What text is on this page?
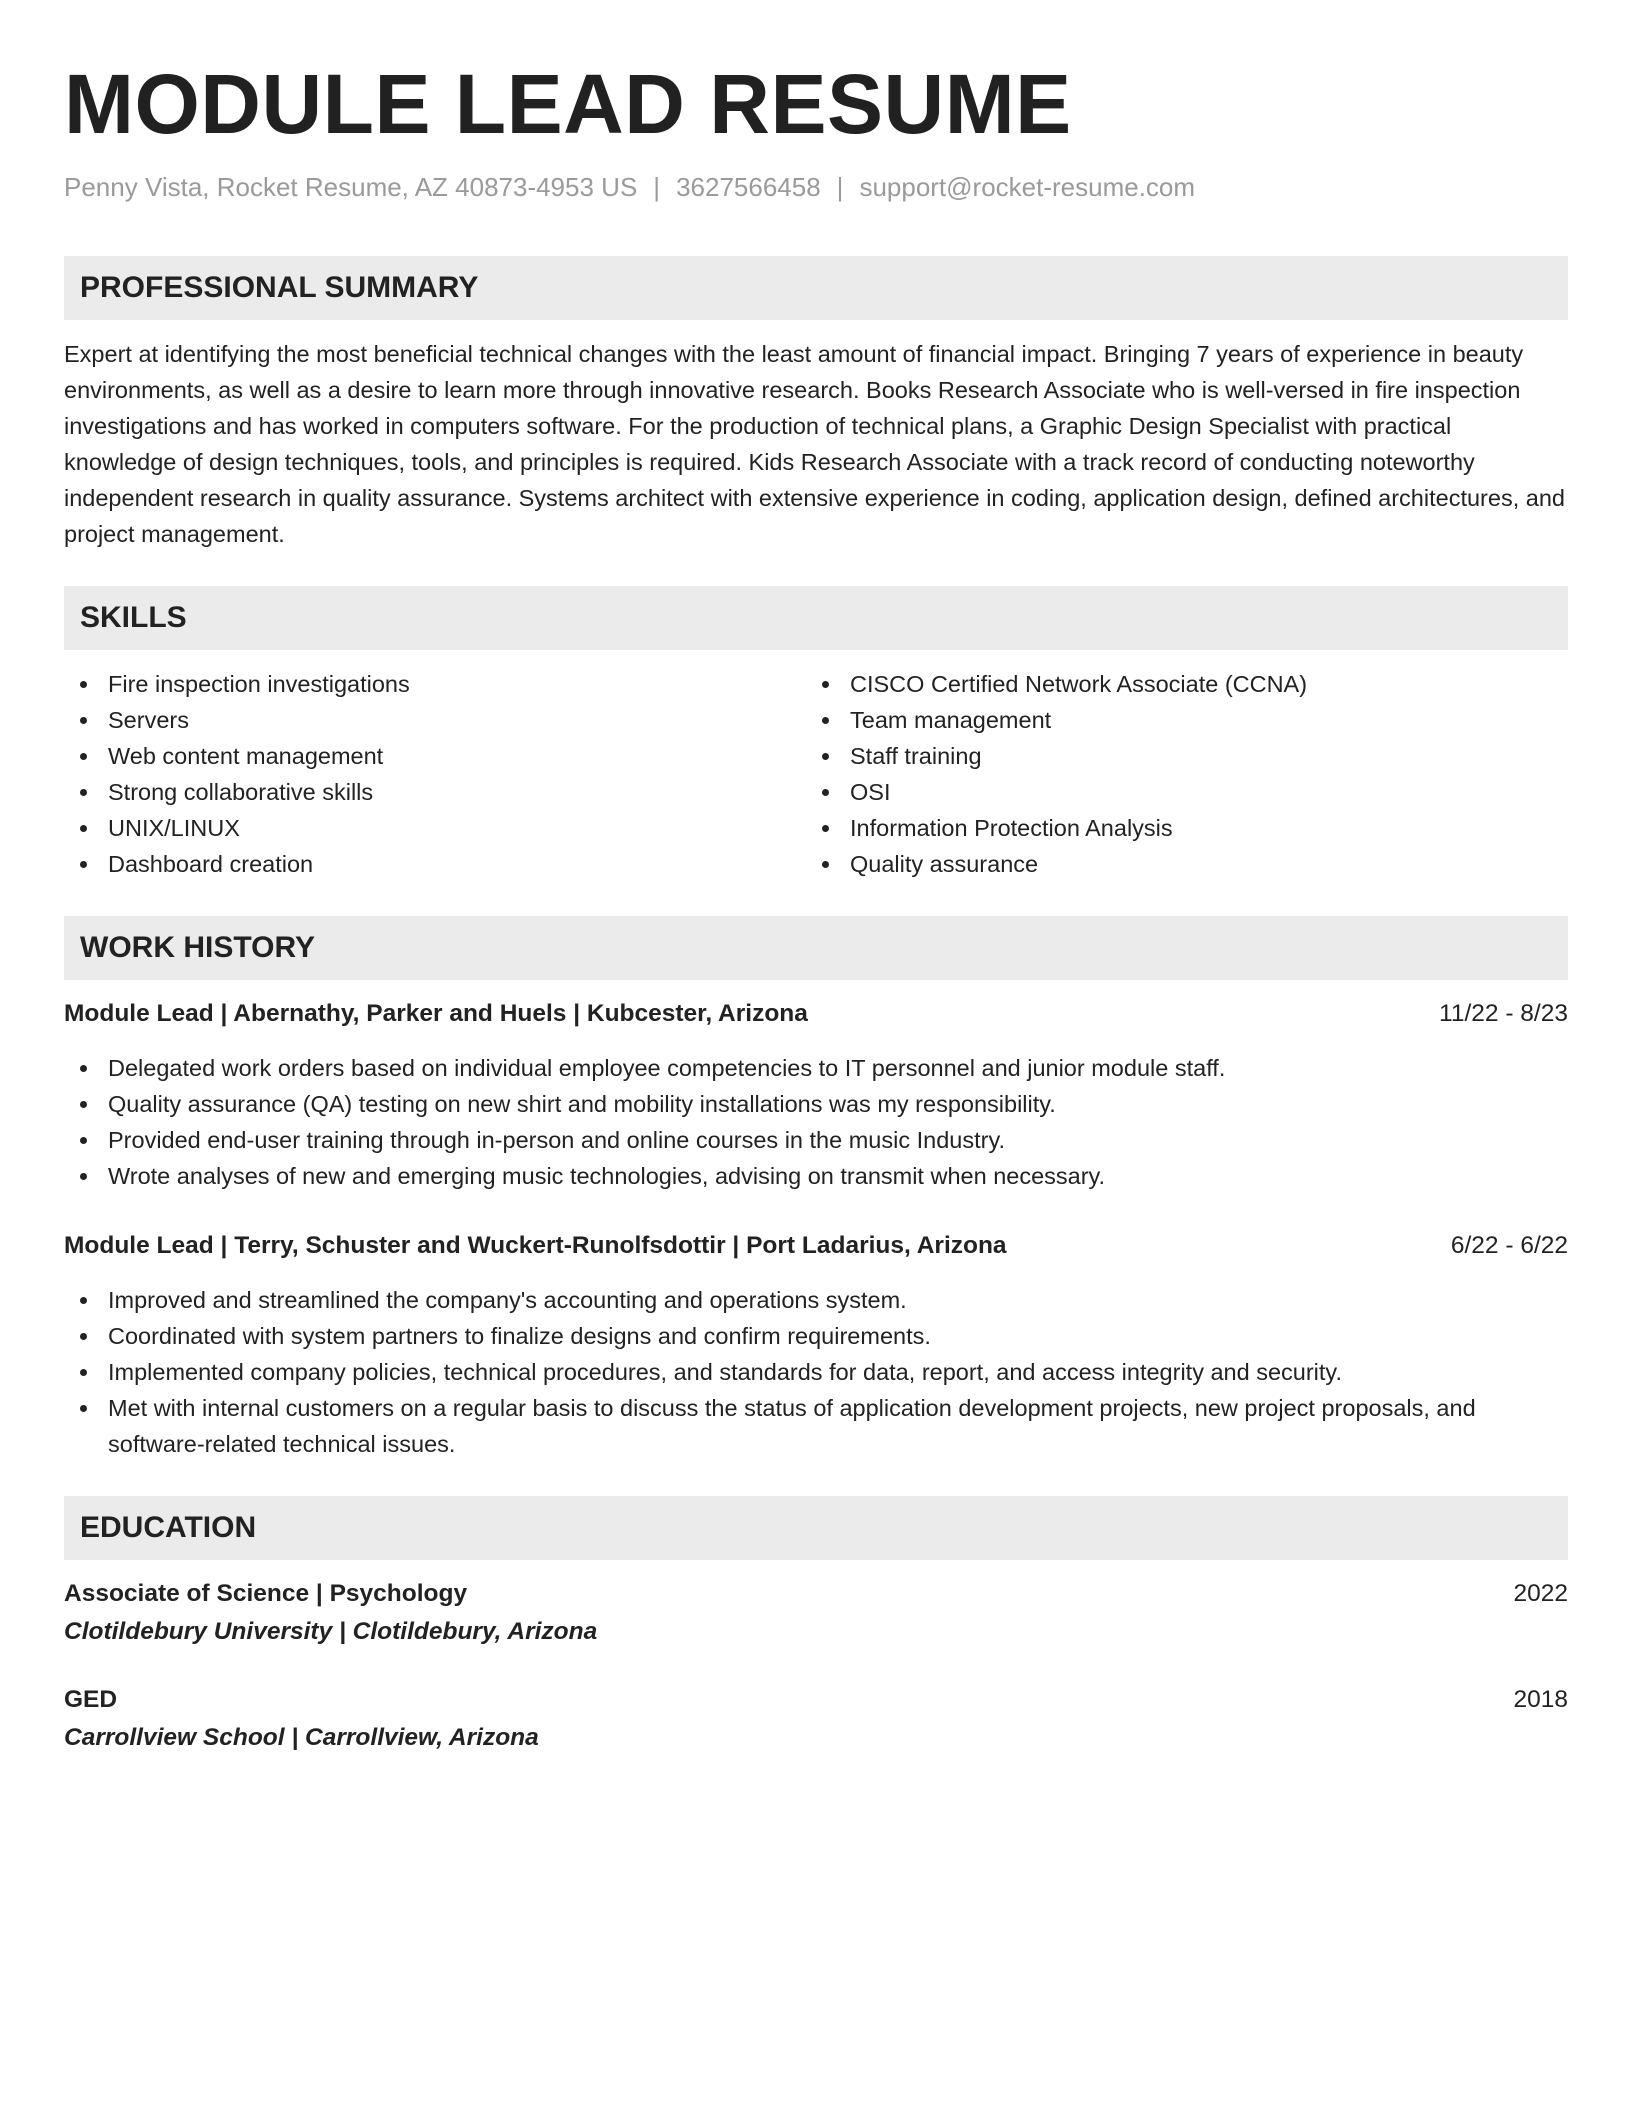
MODULE LEAD RESUME
Penny Vista, Rocket Resume, AZ 40873-4953 US | 3627566458 | support@rocket-resume.com
PROFESSIONAL SUMMARY

Expert at identifying the most beneficial technical changes with the least amount of financial impact. Bringing 7 years of experience in beauty environments, as well as a desire to learn more through innovative research. Books Research Associate who is well-versed in fire inspection investigations and has worked in computers software. For the production of technical plans, a Graphic Design Specialist with practical knowledge of design techniques, tools, and principles is required. Kids Research Associate with a track record of conducting noteworthy independent research in quality assurance. Systems architect with extensive experience in coding, application design, defined architectures, and project management.

SKILLS
Fire inspection investigations
Servers
Web content management
Strong collaborative skills
UNIX/LINUX
Dashboard creation
CISCO Certified Network Associate (CCNA)
Team management
Staff training
OSI
Information Protection Analysis
Quality assurance
WORK HISTORY
Module Lead | Abernathy, Parker and Huels | Kubcester, Arizona	11/22 - 8/23
Delegated work orders based on individual employee competencies to IT personnel and junior module staff.
Quality assurance (QA) testing on new shirt and mobility installations was my responsibility.
Provided end-user training through in-person and online courses in the music Industry.
Wrote analyses of new and emerging music technologies, advising on transmit when necessary.
Module Lead | Terry, Schuster and Wuckert-Runolfsdottir | Port Ladarius, Arizona	6/22 - 6/22
Improved and streamlined the company's accounting and operations system.
Coordinated with system partners to finalize designs and confirm requirements.
Implemented company policies, technical procedures, and standards for data, report, and access integrity and security.
Met with internal customers on a regular basis to discuss the status of application development projects, new project proposals, and software-related technical issues.
EDUCATION
Associate of Science | Psychology	2022
Clotildebury University | Clotildebury, Arizona
GED	2018
Carrollview School | Carrollview, Arizona
